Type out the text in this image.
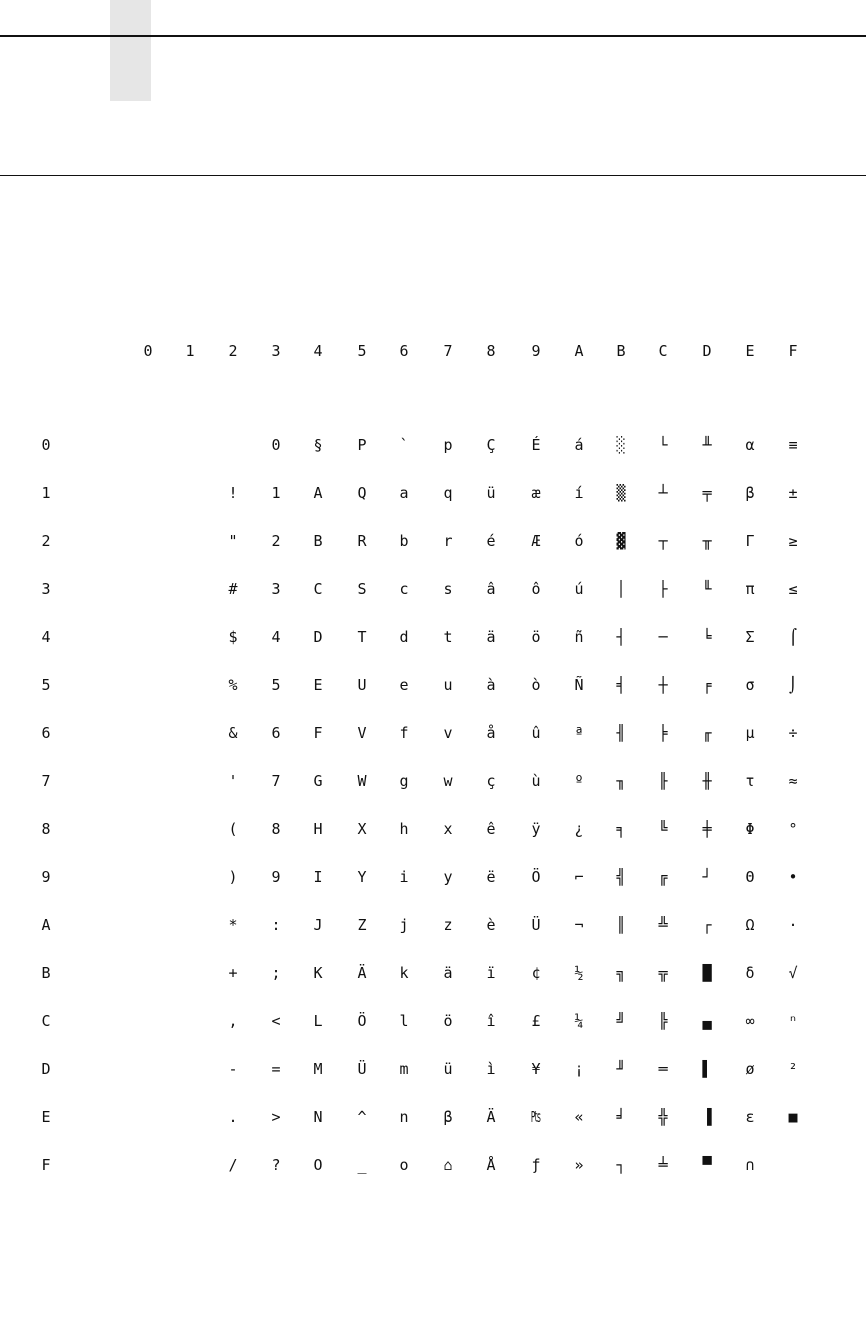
0 1 2 3 4 5 6 7 8 9 A B C D E F
0
1
2
3
4
5
6
7
8
9
A
B
C
D
E
F
!
"
#
$
%
&
'
(
)
*
+
,
-
.
/
0
1
2
3
4
5
6
7
8
9
:
;
<
=
>
?
§
A
B
C
D
E
F
G
H
I
J
K
L
M
N
O
P
Q
R
S
T
U
V
W
X
Y
Z
Ä
Ö
Ü
^
_
`
a
b
c
d
e
f
g
h
i
j
k
l
m
n
o
p
q
r
s
t
u
v
w
x
y
z
ä
ö
ü
β
⌂
Ç
ü
é
â
ä
à
å
ç
ê
ë
è
ï
î
ì
Ä
Å
É
æ
Æ
ô
ö
ò
û
ù
ÿ
Ö
Ü
¢
£
¥
₧
ƒ
á
í
ó
ú
ñ
Ñ
ª
º
¿
⌐
¬
½
¼
¡
«
»
░
▒
▓
│
┤
╡
╢
╖
╕
╣
║
╗
╝
╜
╛
┐
└
┴
┬
├
─
┼
╞
╟
╚
╔
╩
╦
╠
═
╬
╧
╨
╤
╥
╙
╘
╒
╓
╫
╪
┘
┌
█
▄
▌
▐
▀
α
β
Γ
π
Σ
σ
µ
τ
Φ
Θ
Ω
δ
∞
ø
ε
∩
≡
±
≥
≤
⌠
⌡
÷
≈
°
•
·
√
ⁿ
²
■
